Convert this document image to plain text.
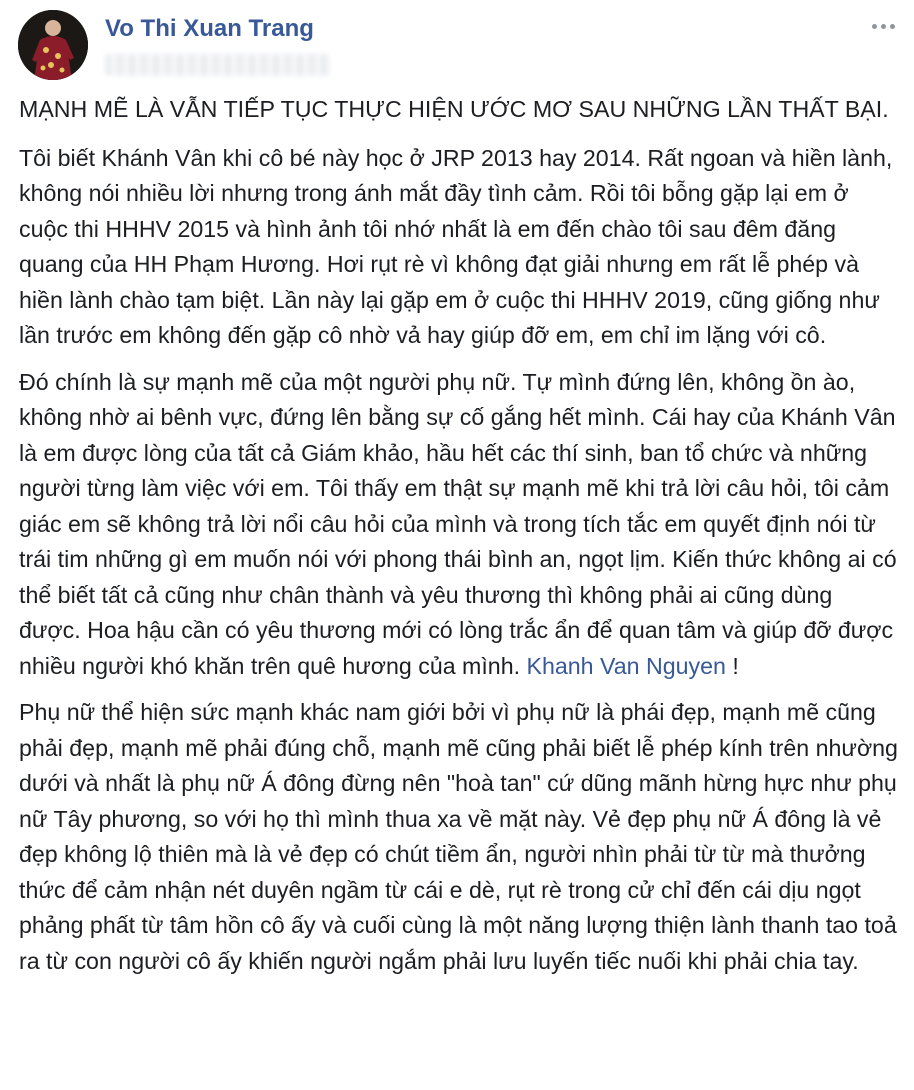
Vo Thi Xuan Trang

MẠNH MẼ LÀ VẪN TIẾP TỤC THỰC HIỆN ƯỚC MƠ SAU NHỮNG LẦN THẤT BẠI.

Tôi biết Khánh Vân khi cô bé này học ở JRP 2013 hay 2014. Rất ngoan và hiền lành, không nói nhiều lời nhưng trong ánh mắt đầy tình cảm. Rồi tôi bỗng gặp lại em ở cuộc thi HHHV 2015 và hình ảnh tôi nhớ nhất là em đến chào tôi sau đêm đăng quang của HH Phạm Hương. Hơi rụt rè vì không đạt giải nhưng em rất lễ phép và hiền lành chào tạm biệt. Lần này lại gặp em ở cuộc thi HHHV 2019, cũng giống như lần trước em không đến gặp cô nhờ vả hay giúp đỡ em, em chỉ im lặng với cô.

Đó chính là sự mạnh mẽ của một người phụ nữ. Tự mình đứng lên, không ồn ào, không nhờ ai bênh vực, đứng lên bằng sự cố gắng hết mình. Cái hay của Khánh Vân là em được lòng của tất cả Giám khảo, hầu hết các thí sinh, ban tổ chức và những người từng làm việc với em. Tôi thấy em thật sự mạnh mẽ khi trả lời câu hỏi, tôi cảm giác em sẽ không trả lời nổi câu hỏi của mình và trong tích tắc em quyết định nói từ trái tim những gì em muốn nói với phong thái bình an, ngọt lịm. Kiến thức không ai có thể biết tất cả cũng như chân thành và yêu thương thì không phải ai cũng dùng được. Hoa hậu cần có yêu thương mới có lòng trắc ẩn để quan tâm và giúp đỡ được nhiều người khó khăn trên quê hương của mình. Khanh Van Nguyen !

Phụ nữ thể hiện sức mạnh khác nam giới bởi vì phụ nữ là phái đẹp, mạnh mẽ cũng phải đẹp, mạnh mẽ phải đúng chỗ, mạnh mẽ cũng phải biết lễ phép kính trên nhường dưới và nhất là phụ nữ Á đông đừng nên "hoà tan" cứ dũng mãnh hừng hực như phụ nữ Tây phương, so với họ thì mình thua xa về mặt này. Vẻ đẹp phụ nữ Á đông là vẻ đẹp không lộ thiên mà là vẻ đẹp có chút tiềm ẩn, người nhìn phải từ từ mà thưởng thức để cảm nhận nét duyên ngầm từ cái e dè, rụt rè trong cử chỉ đến cái dịu ngọt phảng phất từ tâm hồn cô ấy và cuối cùng là một năng lượng thiện lành thanh tao toả ra từ con người cô ấy khiến người ngắm phải lưu luyến tiếc nuối khi phải chia tay.
